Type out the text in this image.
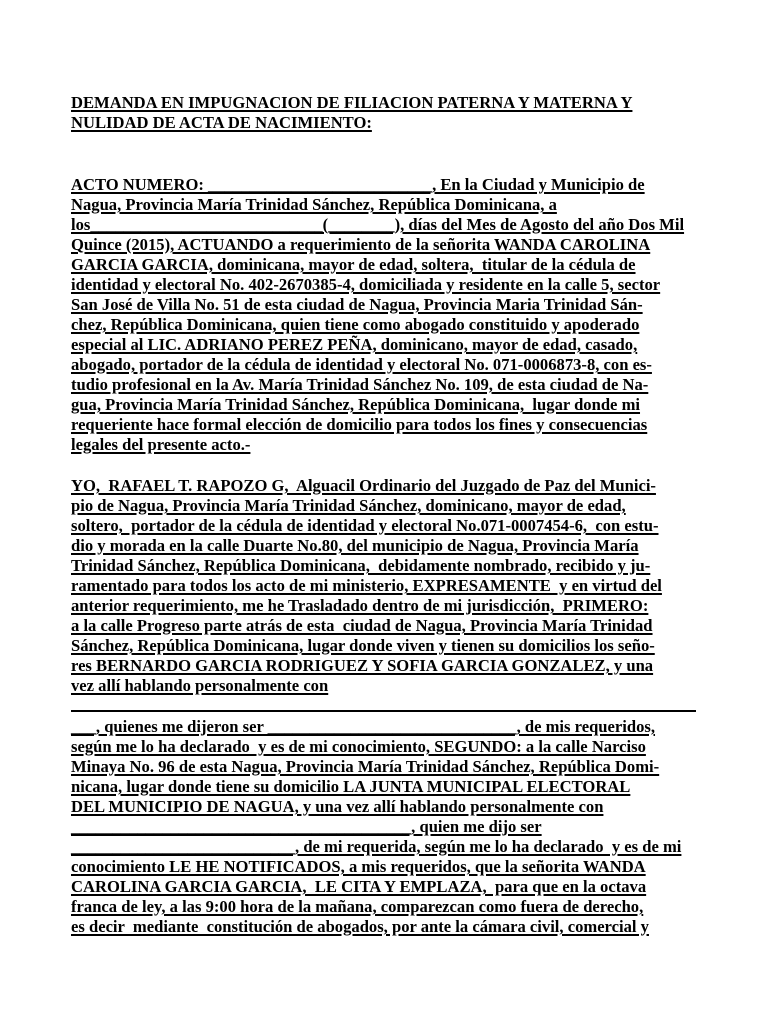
DEMANDA EN IMPUGNACION DE FILIACION PATERNA Y MATERNA Y
NULIDAD DE ACTA DE NACIMIENTO:
ACTO NUMERO: ___________________________, En la Ciudad y Municipio de
Nagua, Provincia María Trinidad Sánchez, República Dominicana, a
los____________________________(________), días del Mes de Agosto del año Dos Mil
Quince (2015), ACTUANDO a requerimiento de la señorita WANDA CAROLINA
GARCIA GARCIA, dominicana, mayor de edad, soltera,  titular de la cédula de
identidad y electoral No. 402-2670385-4, domiciliada y residente en la calle 5, sector
San José de Villa No. 51 de esta ciudad de Nagua, Provincia Maria Trinidad Sán-
chez, República Dominicana, quien tiene como abogado constituido y apoderado
especial al LIC. ADRIANO PEREZ PEÑA, dominicano, mayor de edad, casado,
abogado, portador de la cédula de identidad y electoral No. 071-0006873-8, con es-
tudio profesional en la Av. María Trinidad Sánchez No. 109, de esta ciudad de Na-
gua, Provincia María Trinidad Sánchez, República Dominicana,  lugar donde mi
requeriente hace formal elección de domicilio para todos los fines y consecuencias
legales del presente acto.-
YO,  RAFAEL T. RAPOZO G,  Alguacil Ordinario del Juzgado de Paz del Munici-
pio de Nagua, Provincia María Trinidad Sánchez, dominicano, mayor de edad,
soltero,  portador de la cédula de identidad y electoral No.071-0007454-6,  con estu-
dio y morada en la calle Duarte No.80, del municipio de Nagua, Provincia María
Trinidad Sánchez, República Dominicana,  debidamente nombrado, recibido y ju-
ramentado para todos los acto de mi ministerio, EXPRESAMENTE  y en virtud del
anterior requerimiento, me he Trasladado dentro de mi jurisdicción,  PRIMERO:
a la calle Progreso parte atrás de esta  ciudad de Nagua, Provincia María Trinidad
Sánchez, República Dominicana, lugar donde viven y tienen su domicilios los seño-
res BERNARDO GARCIA RODRIGUEZ Y SOFIA GARCIA GONZALEZ, y una
vez allí hablando personalmente con
___, quienes me dijeron ser ______________________________, de mis requeridos,
según me lo ha declarado  y es de mi conocimiento, SEGUNDO: a la calle Narciso
Minaya No. 96 de esta Nagua, Provincia María Trinidad Sánchez, República Domi-
nicana, lugar donde tiene su domicilio LA JUNTA MUNICIPAL ELECTORAL
DEL MUNICIPIO DE NAGUA, y una vez allí hablando personalmente con
_________________________________________, quien me dijo ser
___________________________, de mi requerida, según me lo ha declarado  y es de mi
conocimiento LE HE NOTIFICADOS, a mis requeridos, que la señorita WANDA
CAROLINA GARCIA GARCIA,  LE CITA Y EMPLAZA,  para que en la octava
franca de ley, a las 9:00 hora de la mañana, comparezcan como fuera de derecho,
es decir  mediante  constitución de abogados, por ante la cámara civil, comercial y
